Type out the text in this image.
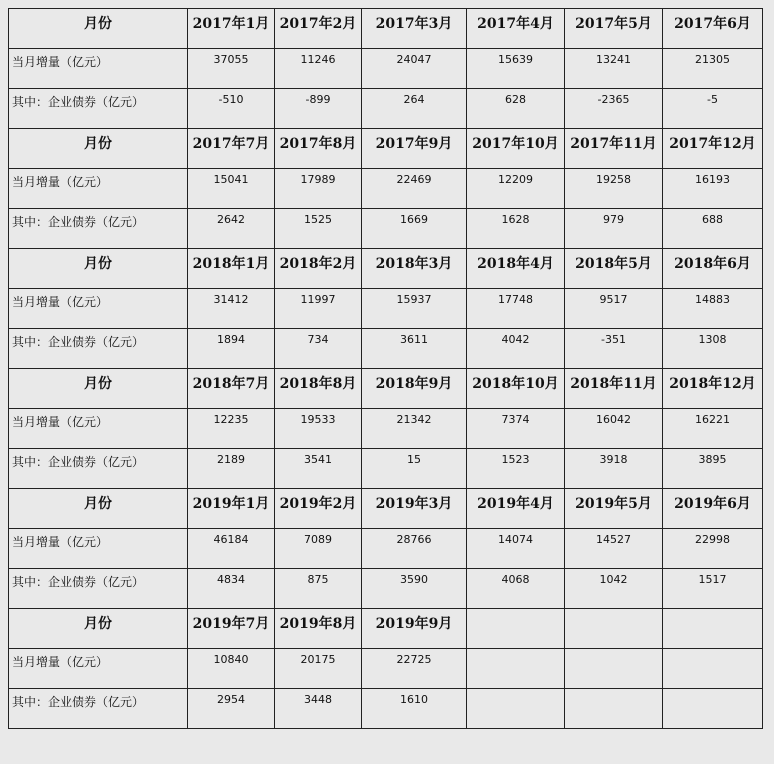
月份	2017年1月	2017年2月	2017年3月	2017年4月	2017年5月	2017年6月
当月增量（亿元）	37055	11246	24047	15639	13241	21305
其中：企业债券（亿元）	-510	-899	264	628	-2365	-5
月份	2017年7月	2017年8月	2017年9月	2017年10月	2017年11月	2017年12月
当月增量（亿元）	15041	17989	22469	12209	19258	16193
其中：企业债券（亿元）	2642	1525	1669	1628	979	688
月份	2018年1月	2018年2月	2018年3月	2018年4月	2018年5月	2018年6月
当月增量（亿元）	31412	11997	15937	17748	9517	14883
其中：企业债券（亿元）	1894	734	3611	4042	-351	1308
月份	2018年7月	2018年8月	2018年9月	2018年10月	2018年11月	2018年12月
当月增量（亿元）	12235	19533	21342	7374	16042	16221
其中：企业债券（亿元）	2189	3541	15	1523	3918	3895
月份	2019年1月	2019年2月	2019年3月	2019年4月	2019年5月	2019年6月
当月增量（亿元）	46184	7089	28766	14074	14527	22998
其中：企业债券（亿元）	4834	875	3590	4068	1042	1517
月份	2019年7月	2019年8月	2019年9月			
当月增量（亿元）	10840	20175	22725			
其中：企业债券（亿元）	2954	3448	1610			
